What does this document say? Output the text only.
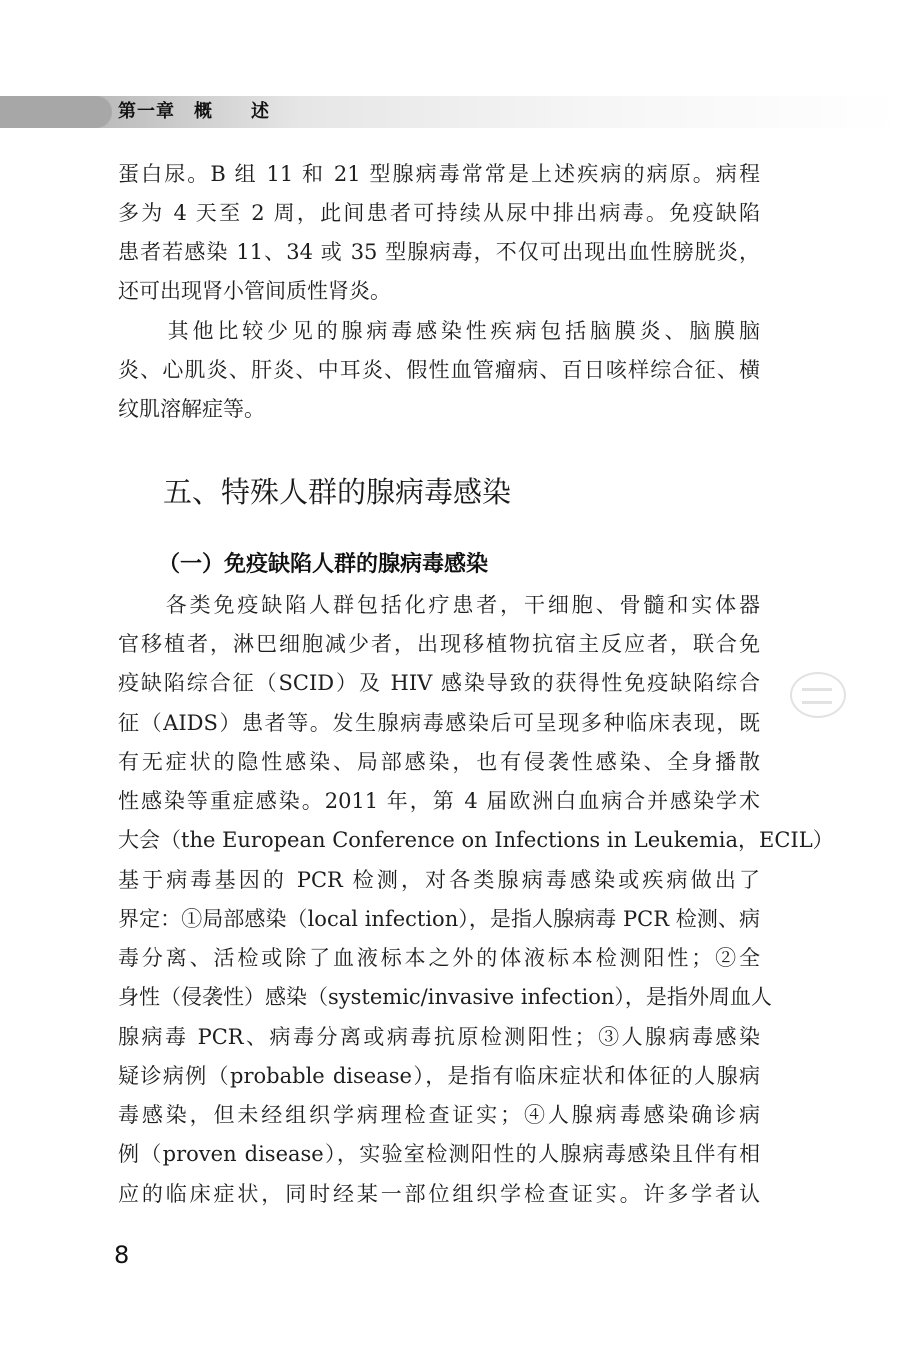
第一章　概　　述
蛋白尿。B 组 11 和 21 型腺病毒常常是上述疾病的病原。病程
多为 4 天至 2 周，此间患者可持续从尿中排出病毒。免疫缺陷
患者若感染 11、34 或 35 型腺病毒，不仅可出现出血性膀胱炎，
还可出现肾小管间质性肾炎。
　　其他比较少见的腺病毒感染性疾病包括脑膜炎、脑膜脑
炎、心肌炎、肝炎、中耳炎、假性血管瘤病、百日咳样综合征、横
纹肌溶解症等。
五、特殊人群的腺病毒感染
（一）免疫缺陷人群的腺病毒感染
　　各类免疫缺陷人群包括化疗患者，干细胞、骨髓和实体器
官移植者，淋巴细胞减少者，出现移植物抗宿主反应者，联合免
疫缺陷综合征（SCID）及 HIV 感染导致的获得性免疫缺陷综合
征（AIDS）患者等。发生腺病毒感染后可呈现多种临床表现，既
有无症状的隐性感染、局部感染，也有侵袭性感染、全身播散
性感染等重症感染。2011 年，第 4 届欧洲白血病合并感染学术
大会（the European Conference on Infections in Leukemia，ECIL）
基于病毒基因的 PCR 检测，对各类腺病毒感染或疾病做出了
界定：①局部感染（local infection），是指人腺病毒 PCR 检测、病
毒分离、活检或除了血液标本之外的体液标本检测阳性；②全
身性（侵袭性）感染（systemic/invasive infection），是指外周血人
腺病毒 PCR、病毒分离或病毒抗原检测阳性；③人腺病毒感染
疑诊病例（probable disease），是指有临床症状和体征的人腺病
毒感染，但未经组织学病理检查证实；④人腺病毒感染确诊病
例（proven disease），实验室检测阳性的人腺病毒感染且伴有相
应的临床症状，同时经某一部位组织学检查证实。许多学者认
8
